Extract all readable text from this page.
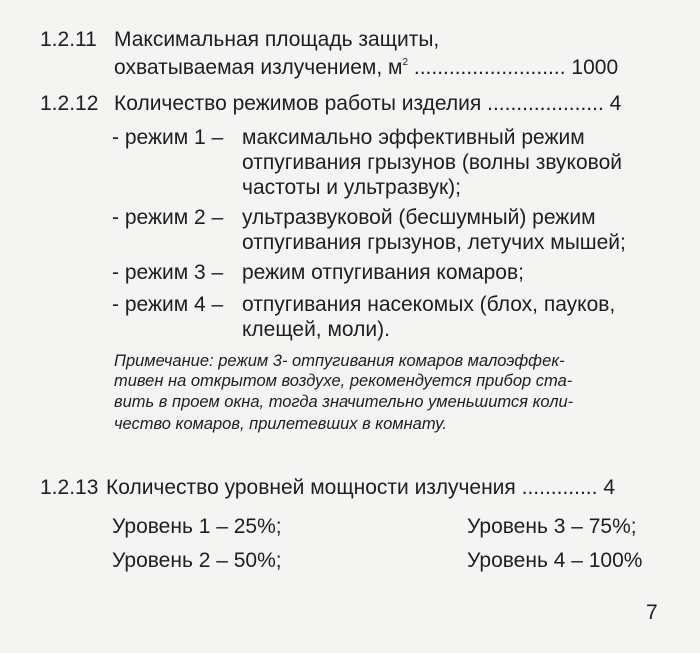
1.2.11 Максимальная площадь защиты,
охватываемая излучением, $м^2$ .......................... 1000
1.2.12 Количество режимов работы изделия .................... 4
- режим 1 – максимально эффективный режим
отпугивания грызунов (волны звуковой
частоты и ультразвук);
- режим 2 – ультразвуковой (бесшумный) режим
отпугивания грызунов, летучих мышей;
- режим 3 – режим отпугивания комаров;
- режим 4 – отпугивания насекомых (блох, пауков,
клещей, моли).
Примечание: режим 3- отпугивания комаров малоэффек-
тивен на открытом воздухе, рекомендуется прибор ста-
вить в проем окна, тогда значительно уменьшится коли-
чество комаров, прилетевших в комнату.
1.2.13 Количество уровней мощности излучения ............. 4
Уровень 1 – 25%;
Уровень 2 – 50%;
Уровень 3 – 75%;
Уровень 4 – 100%
7
